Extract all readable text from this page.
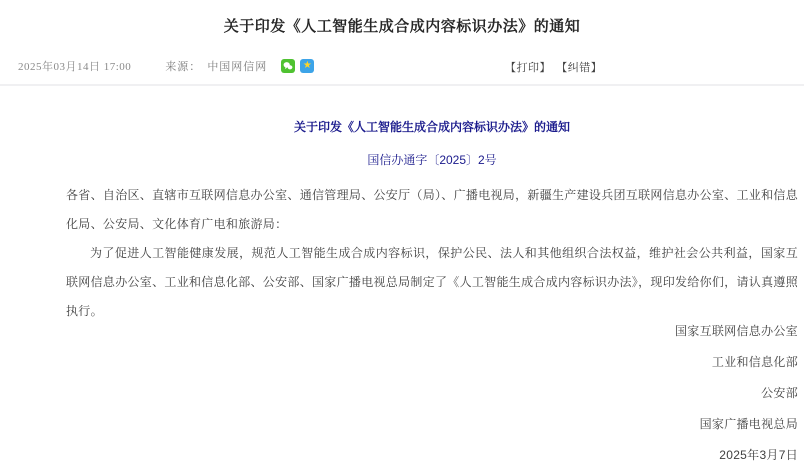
关于印发《人工智能生成合成内容标识办法》的通知
2025年03月14日 17:00	来源： 中国网信网	★	【打印】 【纠错】
关于印发《人工智能生成合成内容标识办法》的通知
国信办通字〔2025〕2号

各省、自治区、直辖市互联网信息办公室、通信管理局、公安厅（局）、广播电视局，新疆生产建设兵团互联网信息办公室、工业和信息化局、公安局、文化体育广电和旅游局：

为了促进人工智能健康发展，规范人工智能生成合成内容标识，保护公民、法人和其他组织合法权益，维护社会公共利益，国家互联网信息办公室、工业和信息化部、公安部、国家广播电视总局制定了《人工智能生成合成内容标识办法》，现印发给你们，请认真遵照执行。

国家互联网信息办公室

工业和信息化部

公安部

国家广播电视总局

2025年3月7日
